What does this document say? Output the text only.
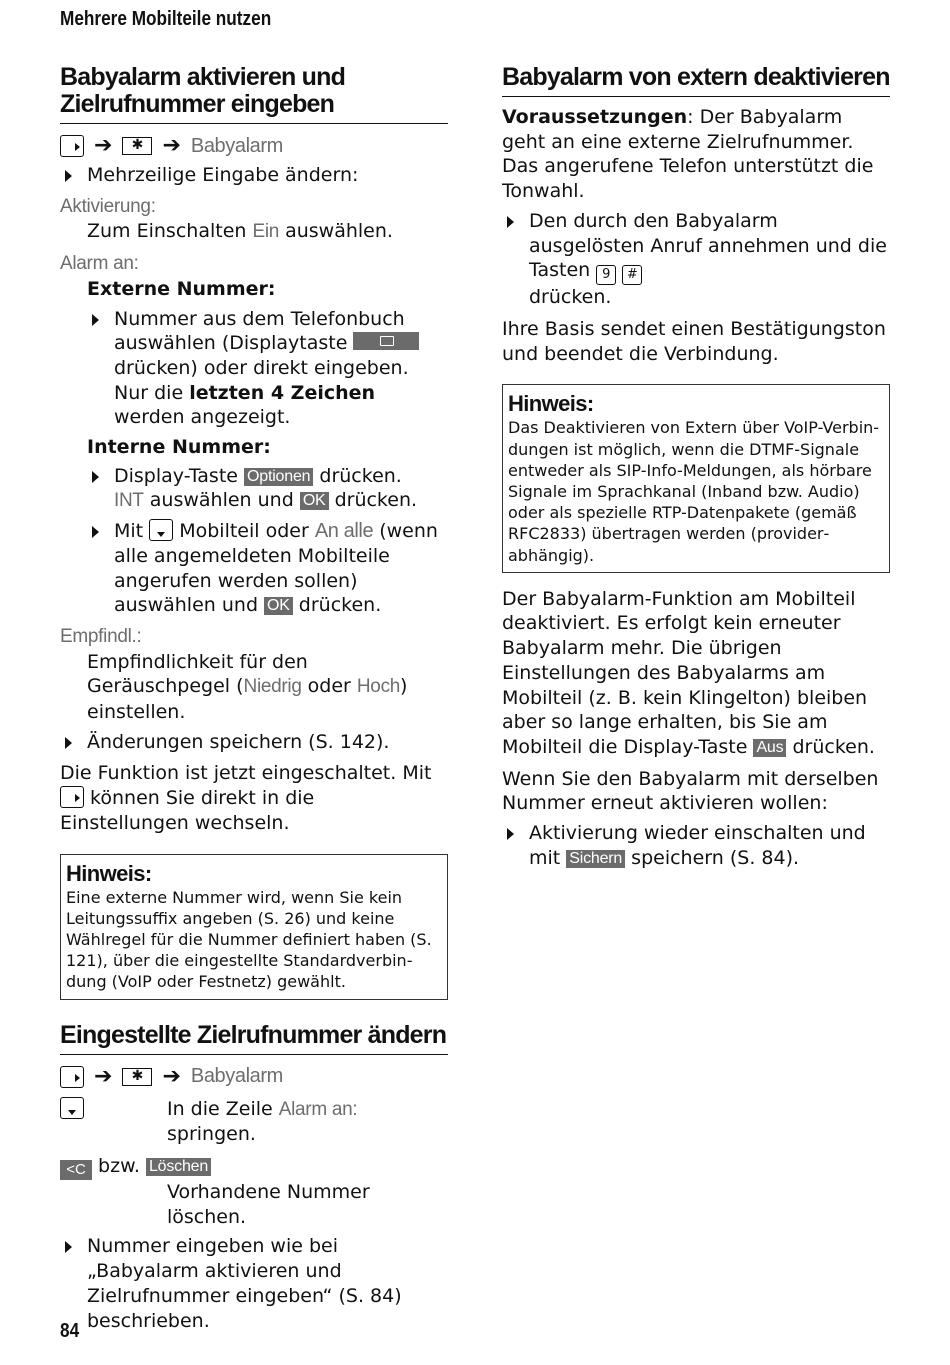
Mehrere Mobilteile nutzen
Babyalarm aktivieren und
Zielrufnummer eingeben
➔	✱ ➔ Babyalarm

Mehrzeilige Eingabe ändern:

Aktivierung:

Zum Einschalten Ein auswählen.

Alarm an:

Externe Nummer:

Nummer aus dem Telefonbuch auswählen (Displaytaste  drücken) oder direkt eingeben. Nur die letzten 4 Zeichen werden angezeigt.

Interne Nummer:

Display-Taste Optionen drücken.
INT auswählen und OK drücken.

Mit  Mobilteil oder An alle (wenn alle angemeldeten Mobilteile angerufen werden sollen) auswählen und OK drücken.

Empfindl.:

Empfindlichkeit für den Geräuschpegel (Niedrig oder Hoch) einstellen.

Änderungen speichern (S. 142).

Die Funktion ist jetzt eingeschaltet. Mit
können Sie direkt in die Einstellungen wechseln.

Hinweis:
Eine externe Nummer wird, wenn Sie kein Leitungssuffix angeben (S. 26) und keine Wählregel für die Nummer definiert haben (S. 121), über die eingestellte Standardverbindung (VoIP oder Festnetz) gewählt.
Eingestellte Zielrufnummer ändern
➔	✱ ➔ Babyalarm

In die Zeile Alarm an: springen.

<C bzw. Löschen

Vorhandene Nummer löschen.

Nummer eingeben wie bei „Babyalarm aktivieren und Zielrufnummer eingeben“ (S. 84) beschrieben.

Babyalarm von extern deaktivieren

Voraussetzungen: Der Babyalarm geht an eine externe Zielrufnummer. Das angerufene Telefon unterstützt die Tonwahl.

Den durch den Babyalarm ausgelösten Anruf annehmen und die Tasten 9 #
drücken.

Ihre Basis sendet einen Bestätigungston und beendet die Verbindung.

Hinweis:
Das Deaktivieren von Extern über VoIP-Verbindungen ist möglich, wenn die DTMF-Signale entweder als SIP-Info-Meldungen, als hörbare Signale im Sprachkanal (Inband bzw. Audio) oder als spezielle RTP-Datenpakete (gemäß RFC2833) übertragen werden (providerabhängig).

Der Babyalarm-Funktion am Mobilteil deaktiviert. Es erfolgt kein erneuter Babyalarm mehr. Die übrigen Einstellungen des Babyalarms am Mobilteil (z. B. kein Klingelton) bleiben aber so lange erhalten, bis Sie am Mobilteil die Display-Taste Aus drücken.

Wenn Sie den Babyalarm mit derselben Nummer erneut aktivieren wollen:

Aktivierung wieder einschalten und mit Sichern speichern (S. 84).

84
